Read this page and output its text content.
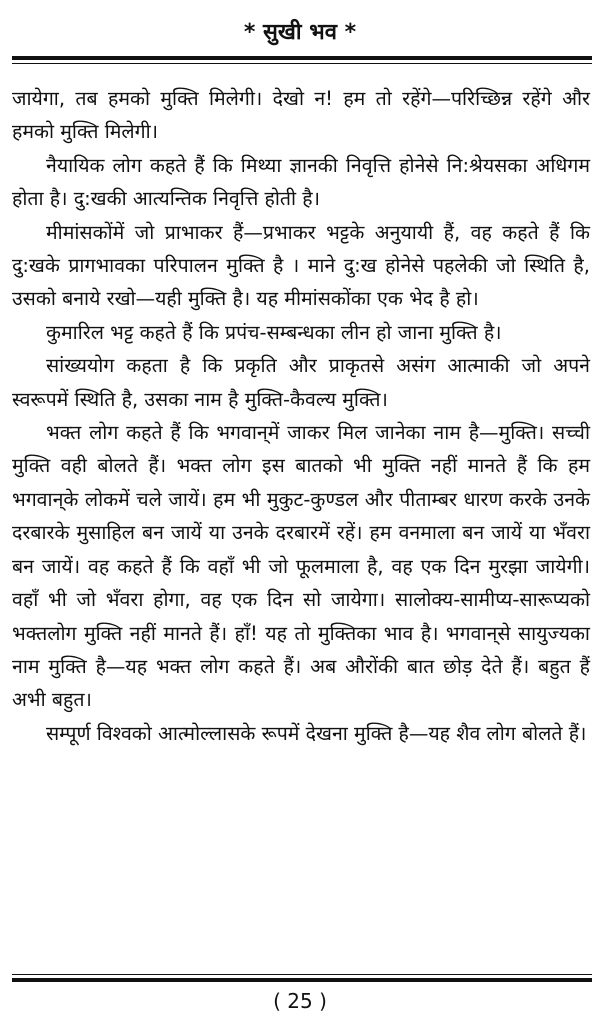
* सुखी भव *

जायेगा, तब हमको मुक्ति मिलेगी। देखो न! हम तो रहेंगे—परिच्छिन्न रहेंगे और हमको मुक्ति मिलेगी।

नैयायिक लोग कहते हैं कि मिथ्या ज्ञानकी निवृत्ति होनेसे नि:श्रेयसका अधिगम होता है। दु:खकी आत्यन्तिक निवृत्ति होती है।

मीमांसकोंमें जो प्राभाकर हैं—प्रभाकर भट्टके अनुयायी हैं, वह कहते हैं कि दु:खके प्रागभावका परिपालन मुक्ति है । माने दु:ख होनेसे पहलेकी जो स्थिति है, उसको बनाये रखो—यही मुक्ति है। यह मीमांसकोंका एक भेद है हो।

कुमारिल भट्ट कहते हैं कि प्रपंच-सम्बन्धका लीन हो जाना मुक्ति है।

सांख्ययोग कहता है कि प्रकृति और प्राकृतसे असंग आत्माकी जो अपने स्वरूपमें स्थिति है, उसका नाम है मुक्ति-कैवल्य मुक्ति।

भक्त लोग कहते हैं कि भगवान्‌में जाकर मिल जानेका नाम है—मुक्ति। सच्ची मुक्ति वही बोलते हैं। भक्त लोग इस बातको भी मुक्ति नहीं मानते हैं कि हम भगवान्‌के लोकमें चले जायें। हम भी मुकुट-कुण्डल और पीताम्बर धारण करके उनके दरबारके मुसाहिल बन जायें या उनके दरबारमें रहें। हम वनमाला बन जायें या भँवरा बन जायें। वह कहते हैं कि वहाँ भी जो फूलमाला है, वह एक दिन मुरझा जायेगी। वहाँ भी जो भँवरा होगा, वह एक दिन सो जायेगा। सालोक्य-सामीप्य-सारूप्यको भक्तलोग मुक्ति नहीं मानते हैं। हाँ! यह तो मुक्तिका भाव है। भगवान्‌से सायुज्यका नाम मुक्ति है—यह भक्त लोग कहते हैं। अब औरोंकी बात छोड़ देते हैं। बहुत हैं अभी बहुत।

सम्पूर्ण विश्वको आत्मोल्लासके रूपमें देखना मुक्ति है—यह शैव लोग बोलते हैं।

( 25 )
